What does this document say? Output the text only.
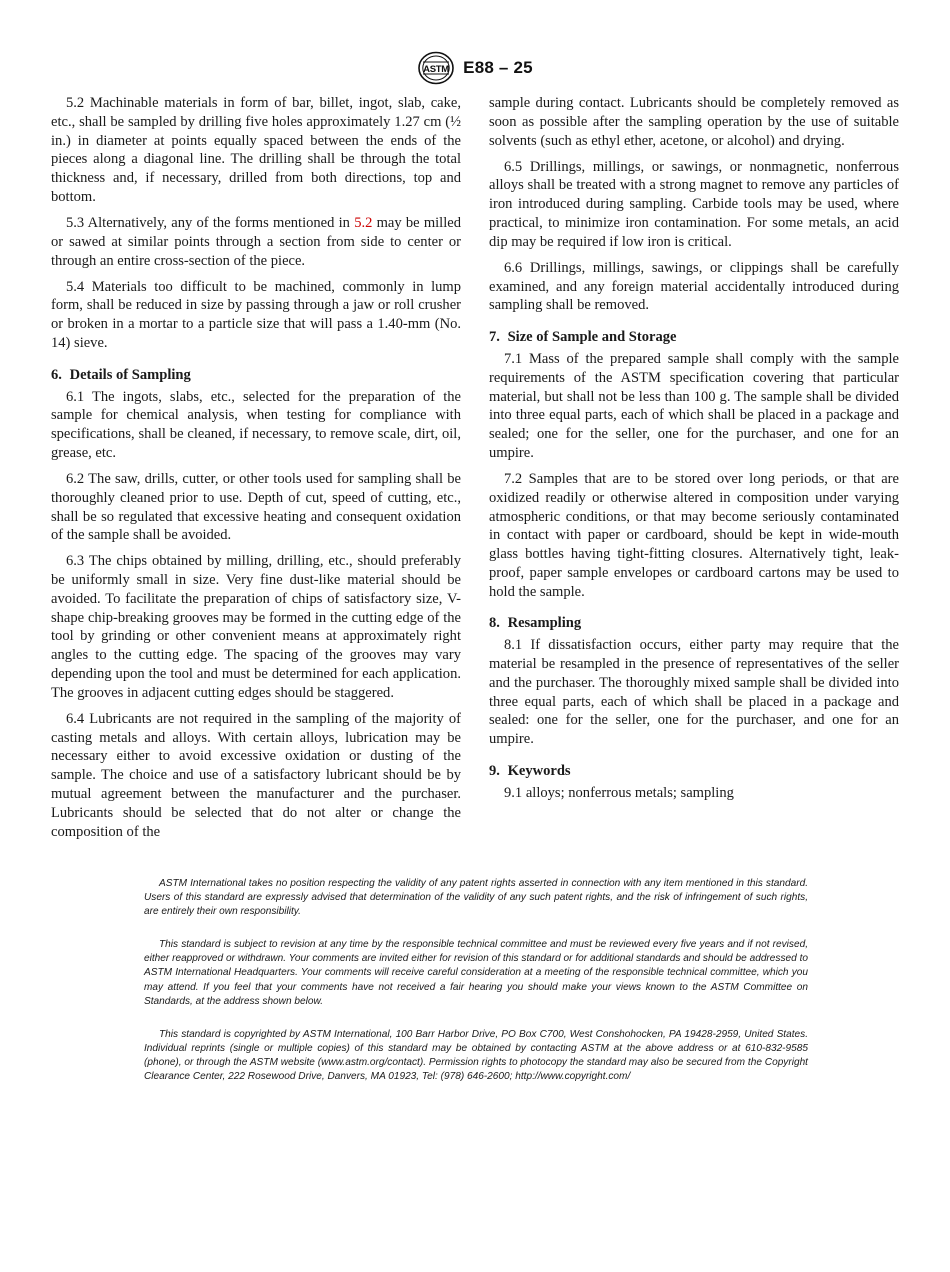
ASTM E88 – 25

5.2 Machinable materials in form of bar, billet, ingot, slab, cake, etc., shall be sampled by drilling five holes approximately 1.27 cm (½ in.) in diameter at points equally spaced between the ends of the pieces along a diagonal line. The drilling shall be through the total thickness and, if necessary, drilled from both directions, top and bottom.

5.3 Alternatively, any of the forms mentioned in 5.2 may be milled or sawed at similar points through a section from side to center or through an entire cross-section of the piece.

5.4 Materials too difficult to be machined, commonly in lump form, shall be reduced in size by passing through a jaw or roll crusher or broken in a mortar to a particle size that will pass a 1.40-mm (No. 14) sieve.

6. Details of Sampling

6.1 The ingots, slabs, etc., selected for the preparation of the sample for chemical analysis, when testing for compliance with specifications, shall be cleaned, if necessary, to remove scale, dirt, oil, grease, etc.

6.2 The saw, drills, cutter, or other tools used for sampling shall be thoroughly cleaned prior to use. Depth of cut, speed of cutting, etc., shall be so regulated that excessive heating and consequent oxidation of the sample shall be avoided.

6.3 The chips obtained by milling, drilling, etc., should preferably be uniformly small in size. Very fine dust-like material should be avoided. To facilitate the preparation of chips of satisfactory size, V-shape chip-breaking grooves may be formed in the cutting edge of the tool by grinding or other convenient means at approximately right angles to the cutting edge. The spacing of the grooves may vary depending upon the tool and must be determined for each application. The grooves in adjacent cutting edges should be staggered.

6.4 Lubricants are not required in the sampling of the majority of casting metals and alloys. With certain alloys, lubrication may be necessary either to avoid excessive oxidation or dusting of the sample. The choice and use of a satisfactory lubricant should be by mutual agreement between the manufacturer and the purchaser. Lubricants should be selected that do not alter or change the composition of the

sample during contact. Lubricants should be completely removed as soon as possible after the sampling operation by the use of suitable solvents (such as ethyl ether, acetone, or alcohol) and drying.

6.5 Drillings, millings, or sawings, or nonmagnetic, nonferrous alloys shall be treated with a strong magnet to remove any particles of iron introduced during sampling. Carbide tools may be used, where practical, to minimize iron contamination. For some metals, an acid dip may be required if low iron is critical.

6.6 Drillings, millings, sawings, or clippings shall be carefully examined, and any foreign material accidentally introduced during sampling shall be removed.

7. Size of Sample and Storage

7.1 Mass of the prepared sample shall comply with the sample requirements of the ASTM specification covering that particular material, but shall not be less than 100 g. The sample shall be divided into three equal parts, each of which shall be placed in a package and sealed; one for the seller, one for the purchaser, and one for an umpire.

7.2 Samples that are to be stored over long periods, or that are oxidized readily or otherwise altered in composition under varying atmospheric conditions, or that may become seriously contaminated in contact with paper or cardboard, should be kept in wide-mouth glass bottles having tight-fitting closures. Alternatively tight, leak-proof, paper sample envelopes or cardboard cartons may be used to hold the sample.

8. Resampling

8.1 If dissatisfaction occurs, either party may require that the material be resampled in the presence of representatives of the seller and the purchaser. The thoroughly mixed sample shall be divided into three equal parts, each of which shall be placed in a package and sealed: one for the seller, one for the purchaser, and one for an umpire.

9. Keywords

9.1 alloys; nonferrous metals; sampling

ASTM International takes no position respecting the validity of any patent rights asserted in connection with any item mentioned in this standard. Users of this standard are expressly advised that determination of the validity of any such patent rights, and the risk of infringement of such rights, are entirely their own responsibility.

This standard is subject to revision at any time by the responsible technical committee and must be reviewed every five years and if not revised, either reapproved or withdrawn. Your comments are invited either for revision of this standard or for additional standards and should be addressed to ASTM International Headquarters. Your comments will receive careful consideration at a meeting of the responsible technical committee, which you may attend. If you feel that your comments have not received a fair hearing you should make your views known to the ASTM Committee on Standards, at the address shown below.

This standard is copyrighted by ASTM International, 100 Barr Harbor Drive, PO Box C700, West Conshohocken, PA 19428-2959, United States. Individual reprints (single or multiple copies) of this standard may be obtained by contacting ASTM at the above address or at 610-832-9585 (phone), or through the ASTM website (www.astm.org/contact). Permission rights to photocopy the standard may also be secured from the Copyright Clearance Center, 222 Rosewood Drive, Danvers, MA 01923, Tel: (978) 646-2600; http://www.copyright.com/
